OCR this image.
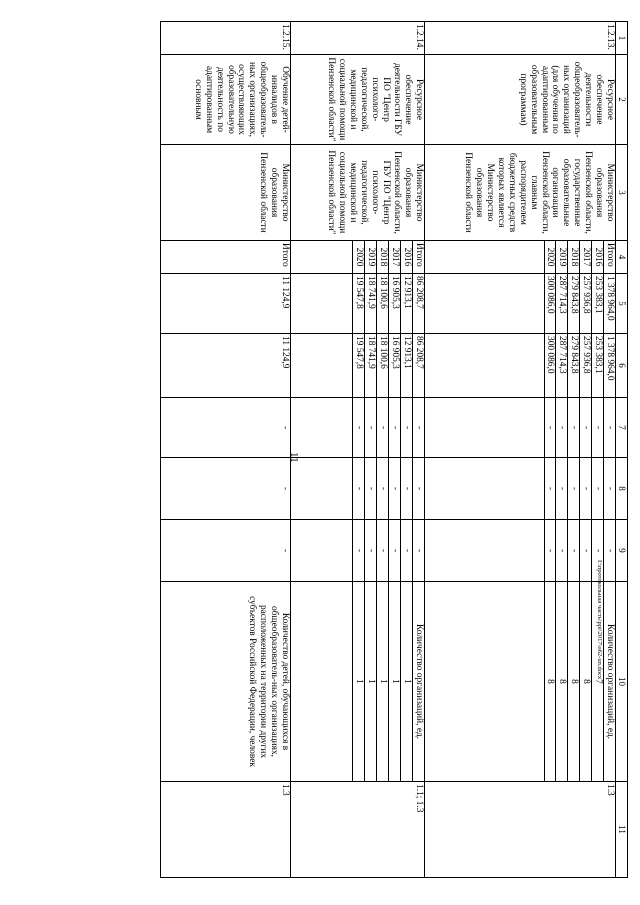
11
I:\протокольная часть\ppi\2017\o62-un.docx
1	2	3	4	5	6	7	8	9	10	11
1.2.13.	Ресурсное обеспечение деятельности общеобразователь-ных организаций (для обучения по адаптированным образовательным программам)	Министерство образования Пензенской области, государственные образовательные организации Пензенской области, главным распорядителем бюджетных средств которых является Министерство образования Пензенской области	Итого	1 378 964,0	1 378 964,0	-	-	-	Количество организаций, ед.	1.3
			2016	253 383,1	253 383,1	-	-	-	7	
			2017	257 936,8	257 936,8	-	-	-	8	
			2018	279 843,8	279 843,8	-	-	-	8	
			2019	287 714,3	287 714,3	-	-	-	8	
			2020	300 086,0	300 086,0	-	-	-	8	

1.2.14.	Ресурсное обеспечение деятельности ГБУ ПО "Центр психолого-педагогической, медицинской и социальной помощи Пензенской области"	Министерство образования Пензенской области, ГБУ ПО "Центр психолого-педагогической, медицинской и социальной помощи Пензенской области"	Итого	86 208,7	86 208,7	-	-	-	Количество организаций, ед.	1.1; 1.3
			2016	12 913,1	12 913,1	-	-	-	1	
			2017	16 905,3	16 905,3	-	-	-	1	
			2018	18 100,6	18 100,6	-	-	-	1	
			2019	18 741,9	18 741,9	-	-	-	1	
			2020	19 547,8	19 547,8	-	-	-	1	

1.2.15.	Обучение детей-инвалидов в общеобразователь-ных организациях, осуществляющих образовательную деятельность по адаптированным основным	Министерство образования Пензенской области	Итого	11 124,9	11 124,9	-	-	-	Количество детей, обучающихся в общеобразователь-ных организациях, расположенных на территории других субъектов Российской Федерации, человек	1.3
